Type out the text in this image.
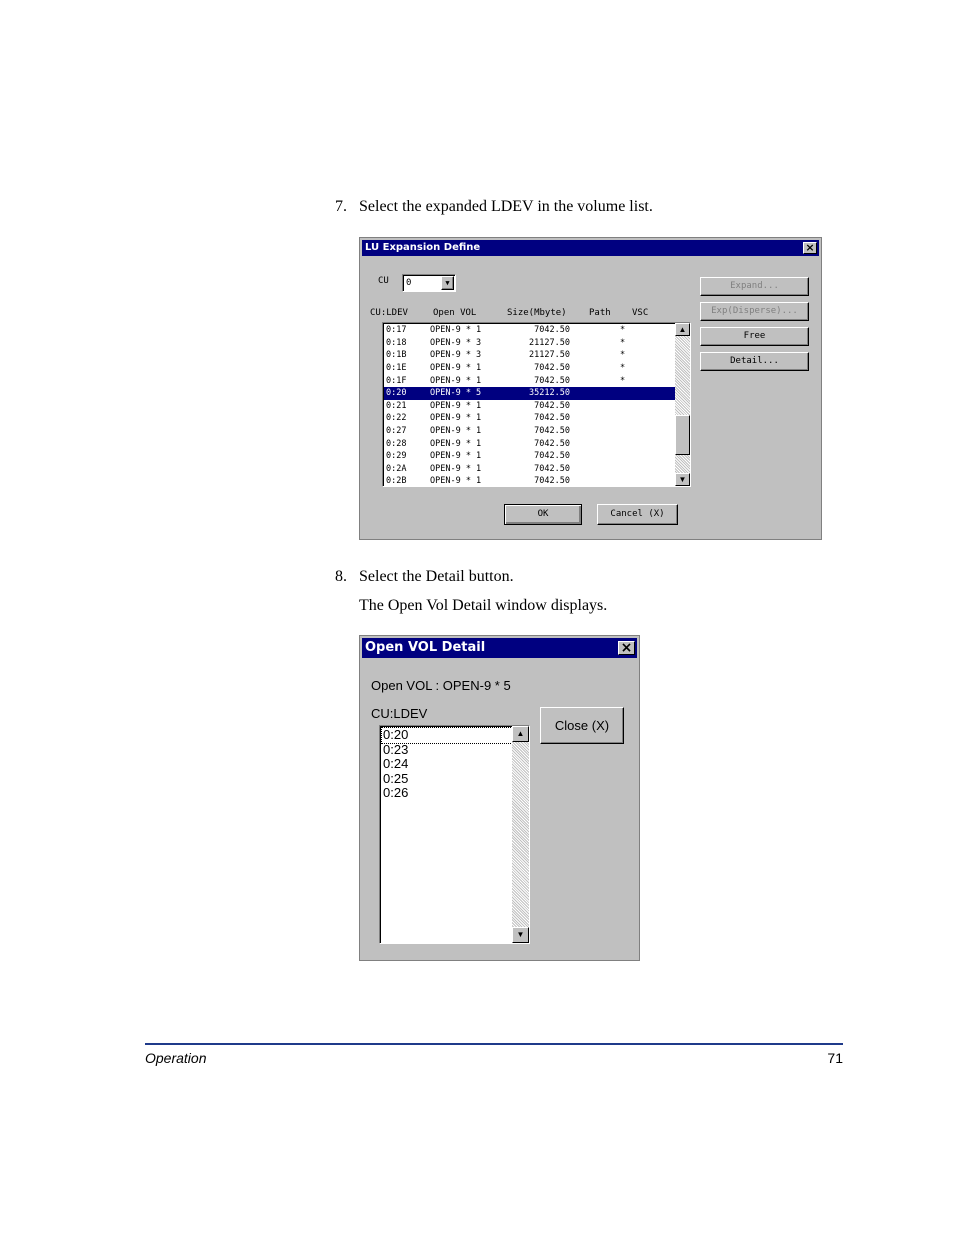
7. Select the expanded LDEV in the volume list.
LU Expansion Define	×
CU 0	▼
CU:LDEV	Open VOL	Size(Mbyte) Path VSC
0:17	OPEN-9 * 1	7042.50	*
0:18	OPEN-9 * 3	21127.50	*
0:1B	OPEN-9 * 3	21127.50	*
0:1E	OPEN-9 * 1	7042.50	*
0:1F	OPEN-9 * 1	7042.50	*
0:20	OPEN-9 * 5	35212.50	
0:21	OPEN-9 * 1	7042.50	
0:22	OPEN-9 * 1	7042.50	
0:27	OPEN-9 * 1	7042.50	
0:28	OPEN-9 * 1	7042.50	
0:29	OPEN-9 * 1	7042.50	
0:2A	OPEN-9 * 1	7042.50	
0:2B	OPEN-9 * 1	7042.50	
▲
▼
Expand...
Exp(Disperse)...
Free
Detail...
OK	Cancel (X)
8. Select the Detail button.
The Open Vol Detail window displays.
Open VOL Detail	×
Open VOL : OPEN-9 * 5
CU:LDEV
0:20
0:23
0:24
0:25
0:26
▲
▼
Close (X)
Operation	71
